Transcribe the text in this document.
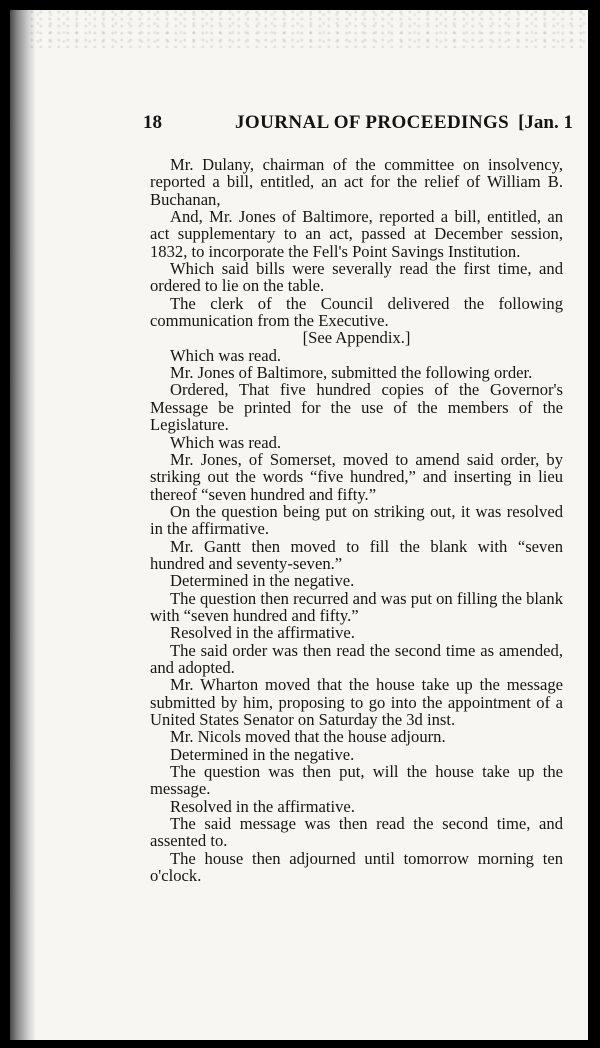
18	JOURNAL OF PROCEEDINGS [Jan. 1

Mr. Dulany, chairman of the committee on insolvency, reported a bill, entitled, an act for the relief of William B. Buchanan,

And, Mr. Jones of Baltimore, reported a bill, entitled, an act supplementary to an act, passed at December session, 1832, to incorporate the Fell's Point Savings Institution.

Which said bills were severally read the first time, and ordered to lie on the table.

The clerk of the Council delivered the following communication from the Executive.

[See Appendix.]

Which was read.

Mr. Jones of Baltimore, submitted the following order.

Ordered, That five hundred copies of the Governor's Message be printed for the use of the members of the Legislature.

Which was read.

Mr. Jones, of Somerset, moved to amend said order, by striking out the words “five hundred,” and inserting in lieu thereof “seven hundred and fifty.”

On the question being put on striking out, it was resolved in the affirmative.

Mr. Gantt then moved to fill the blank with “seven hundred and seventy-seven.”

Determined in the negative.

The question then recurred and was put on filling the blank with “seven hundred and fifty.”

Resolved in the affirmative.

The said order was then read the second time as amended, and adopted.

Mr. Wharton moved that the house take up the message submitted by him, proposing to go into the appointment of a United States Senator on Saturday the 3d inst.

Mr. Nicols moved that the house adjourn.

Determined in the negative.

The question was then put, will the house take up the message.

Resolved in the affirmative.

The said message was then read the second time, and assented to.

The house then adjourned until tomorrow morning ten o'clock.
